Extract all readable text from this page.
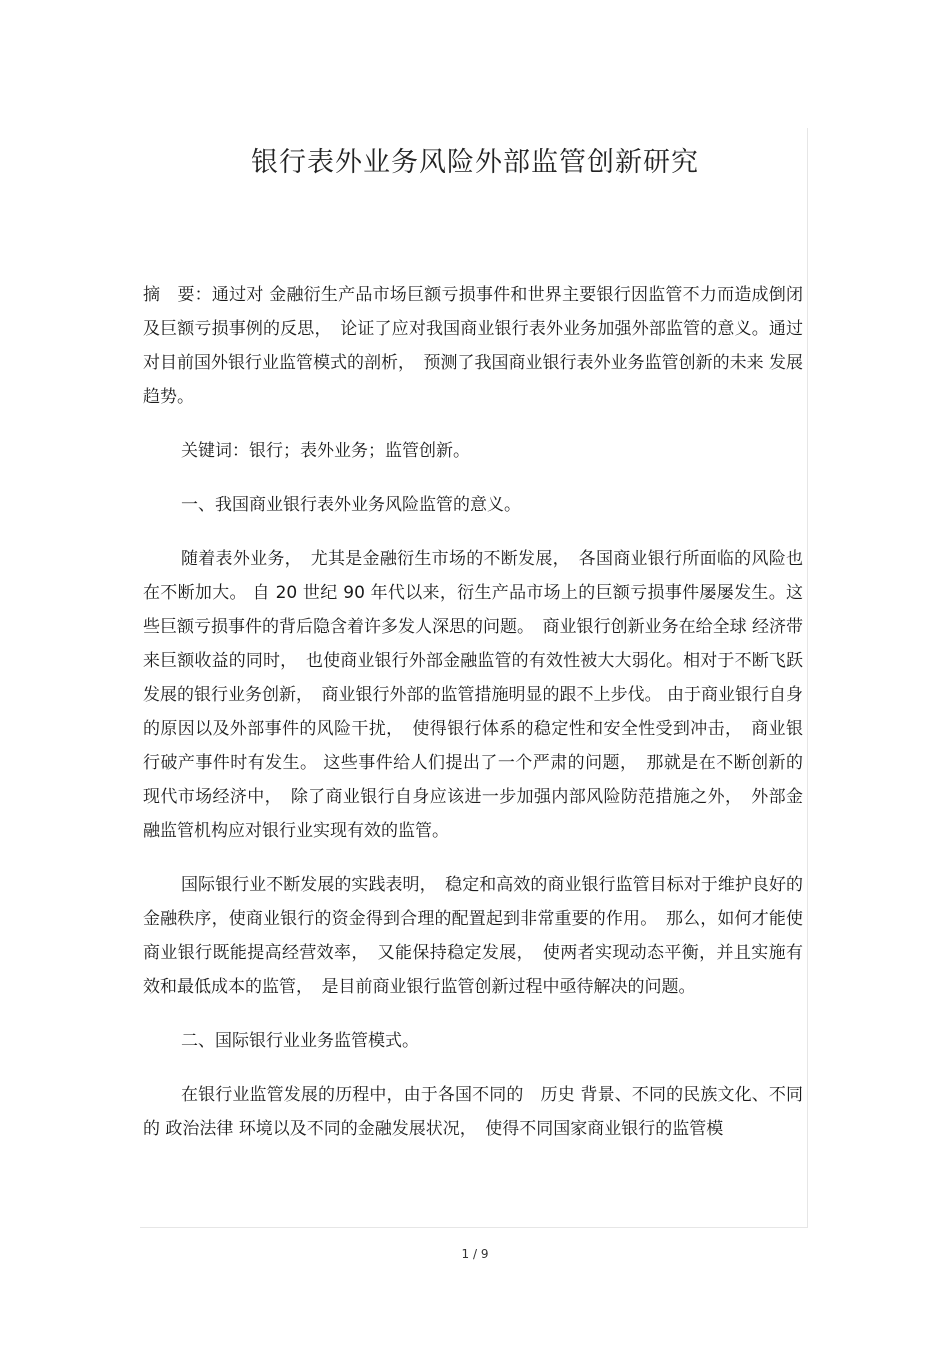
银行表外业务风险外部监管创新研究

摘　要：通过对 金融衍生产品市场巨额亏损事件和世界主要银行因监管不力而造成倒闭及巨额亏损事例的反思，　论证了应对我国商业银行表外业务加强外部监管的意义。通过对目前国外银行业监管模式的剖析，　预测了我国商业银行表外业务监管创新的未来 发展趋势。

关键词：银行；表外业务；监管创新。

一、我国商业银行表外业务风险监管的意义。

随着表外业务，　尤其是金融衍生市场的不断发展，　各国商业银行所面临的风险也在不断加大。 自 20 世纪 90 年代以来，衍生产品市场上的巨额亏损事件屡屡发生。这些巨额亏损事件的背后隐含着许多发人深思的问题。　商业银行创新业务在给全球 经济带来巨额收益的同时，　也使商业银行外部金融监管的有效性被大大弱化。相对于不断飞跃发展的银行业务创新，　商业银行外部的监管措施明显的跟不上步伐。 由于商业银行自身的原因以及外部事件的风险干扰，　使得银行体系的稳定性和安全性受到冲击，　商业银行破产事件时有发生。 这些事件给人们提出了一个严肃的问题，　那就是在不断创新的 现代市场经济中，　除了商业银行自身应该进一步加强内部风险防范措施之外，　外部金融监管机构应对银行业实现有效的监管。

国际银行业不断发展的实践表明，　稳定和高效的商业银行监管目标对于维护良好的金融秩序，使商业银行的资金得到合理的配置起到非常重要的作用。　那么，如何才能使商业银行既能提高经营效率，　又能保持稳定发展，　使两者实现动态平衡，并且实施有效和最低成本的监管，　是目前商业银行监管创新过程中亟待解决的问题。

二、国际银行业业务监管模式。

在银行业监管发展的历程中，由于各国不同的　历史 背景、不同的民族文化、不同的 政治法律 环境以及不同的金融发展状况，　使得不同国家商业银行的监管模

1 / 9
